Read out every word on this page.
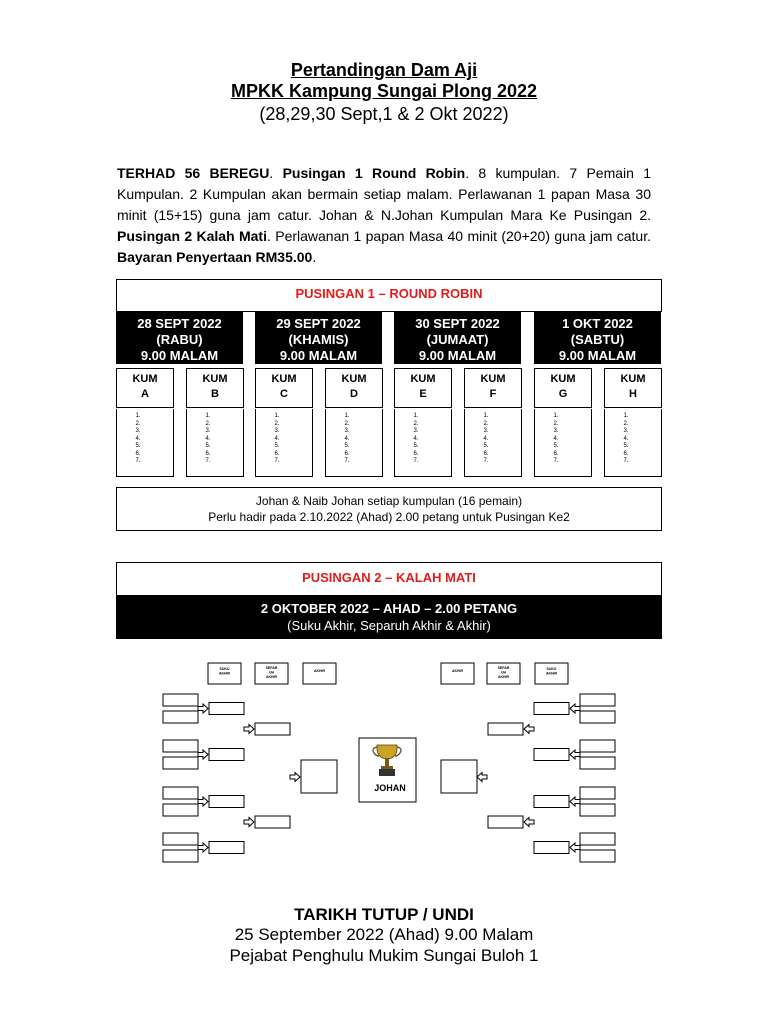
Pertandingan Dam Aji
MPKK Kampung Sungai Plong 2022
(28,29,30 Sept,1 & 2 Okt 2022)

TERHAD 56 BEREGU. Pusingan 1 Round Robin. 8 kumpulan. 7 Pemain 1 Kumpulan. 2 Kumpulan akan bermain setiap malam. Perlawanan 1 papan Masa 30 minit (15+15) guna jam catur. Johan & N.Johan Kumpulan Mara Ke Pusingan 2. Pusingan 2 Kalah Mati. Perlawanan 1 papan Masa 40 minit (20+20) guna jam catur. Bayaran Penyertaan RM35.00.

PUSINGAN 1 – ROUND ROBIN
28 SEPT 2022
(RABU)
9.00 MALAM
29 SEPT 2022
(KHAMIS)
9.00 MALAM
30 SEPT 2022
(JUMAAT)
9.00 MALAM
1 OKT 2022
(SABTU)
9.00 MALAM
KUM
A
1.
2.
3.
4.
5.
6.
7.
KUM
B
1.
2.
3.
4.
5.
6.
7.
KUM
C
1.
2.
3.
4.
5.
6.
7.
KUM
D
1.
2.
3.
4.
5.
6.
7.
KUM
E
1.
2.
3.
4.
5.
6.
7.
KUM
F
1.
2.
3.
4.
5.
6.
7.
KUM
G
1.
2.
3.
4.
5.
6.
7.
KUM
H
1.
2.
3.
4.
5.
6.
7.
Johan & Naib Johan setiap kumpulan (16 pemain)
Perlu hadir pada 2.10.2022 (Ahad) 2.00 petang untuk Pusingan Ke2
PUSINGAN 2 – KALAH MATI
2 OKTOBER 2022 – AHAD – 2.00 PETANG
(Suku Akhir, Separuh Akhir & Akhir)
SUKU
AKHIR
SEPAR
UH
AKHIR
AKHIR	AKHIR
SEPAR
UH
AKHIR
SUKU
AKHIR
JOHAN
TARIKH TUTUP / UNDI
25 September 2022 (Ahad) 9.00 Malam
Pejabat Penghulu Mukim Sungai Buloh 1
